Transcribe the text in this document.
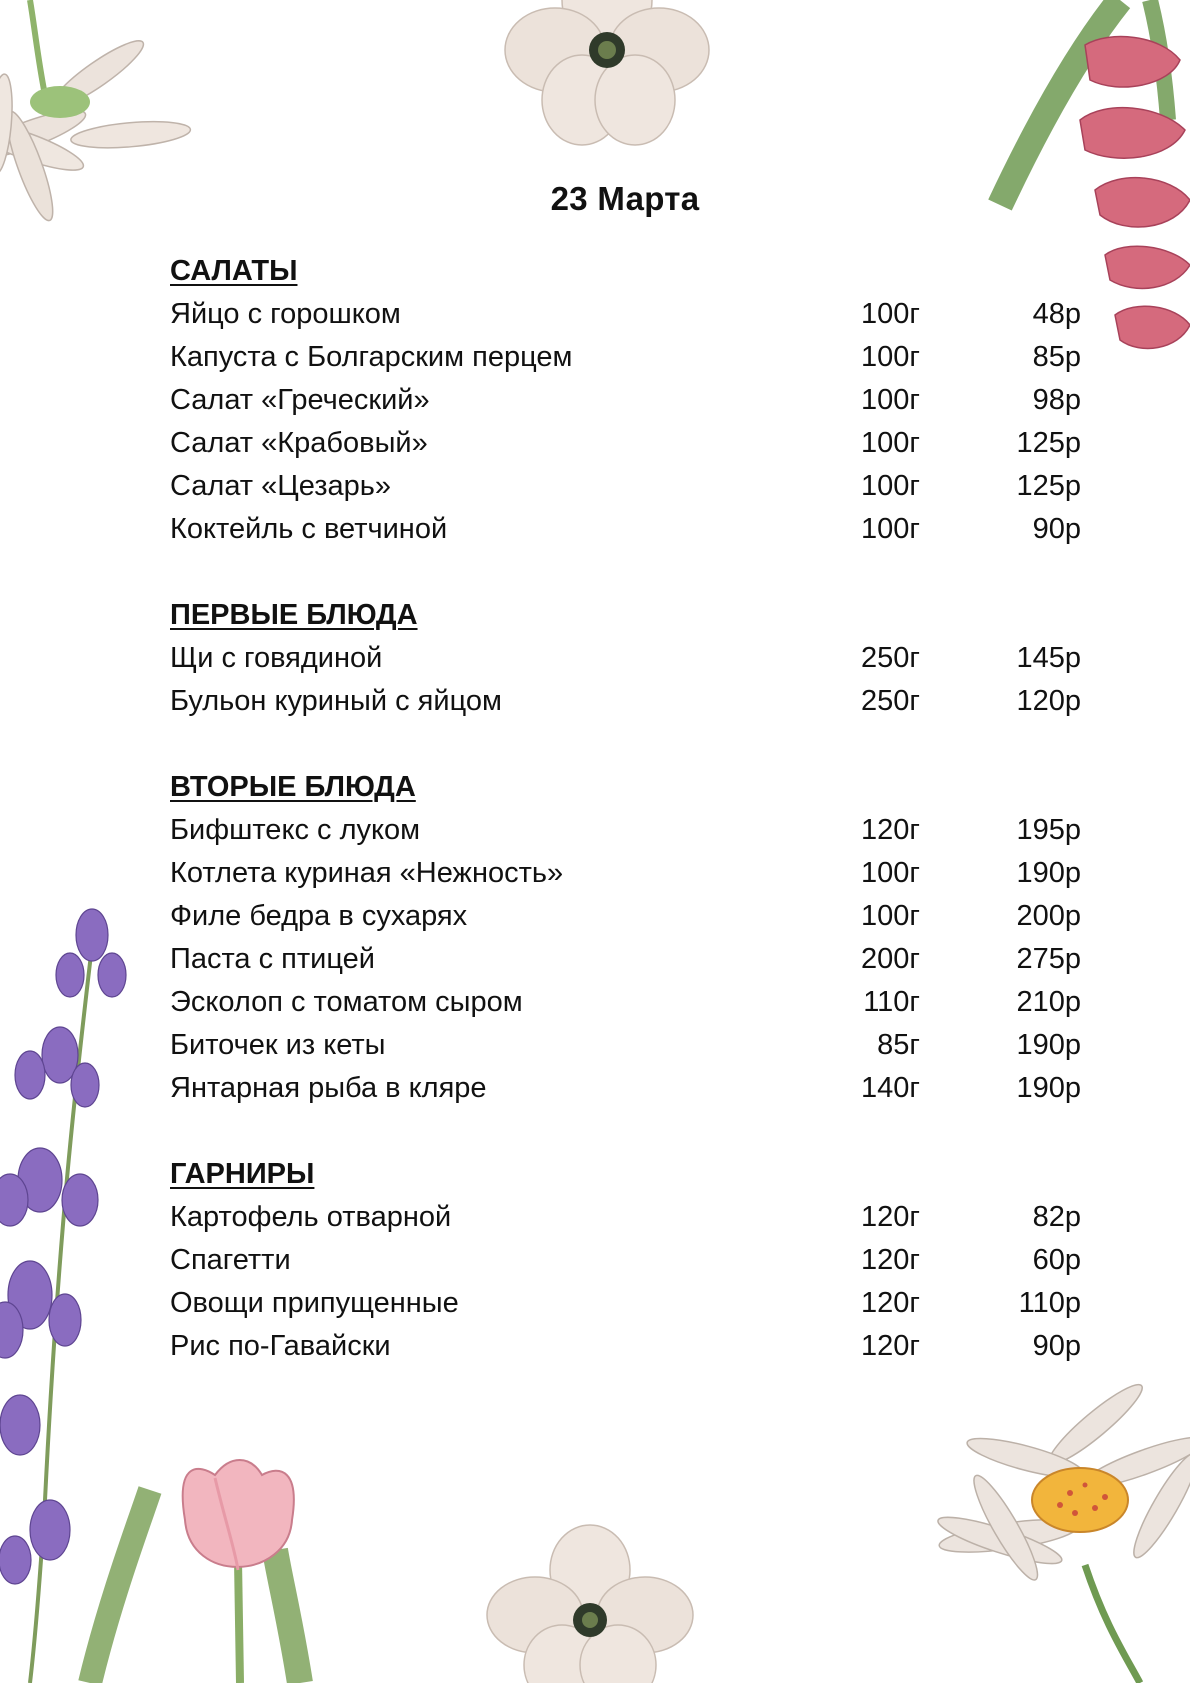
23 Марта
САЛАТЫ
Яйцо с горошком	100г	48р
Капуста с Болгарским перцем	100г	85р
Салат «Греческий»	100г	98р
Салат «Крабовый»	100г	125р
Салат «Цезарь»	100г	125р
Коктейль с ветчиной	100г	90р
ПЕРВЫЕ БЛЮДА
Щи с говядиной	250г	145р
Бульон куриный с яйцом	250г	120р
ВТОРЫЕ БЛЮДА
Бифштекс с луком	120г	195р
Котлета куриная «Нежность»	100г	190р
Филе бедра в сухарях	100г	200р
Паста с птицей	200г	275р
Эсколоп с томатом сыром	110г	210р
Биточек из кеты	85г	190р
Янтарная рыба в кляре	140г	190р
ГАРНИРЫ
Картофель отварной	120г	82р
Спагетти	120г	60р
Овощи припущенные	120г	110р
Рис по-Гавайски	120г	90р
